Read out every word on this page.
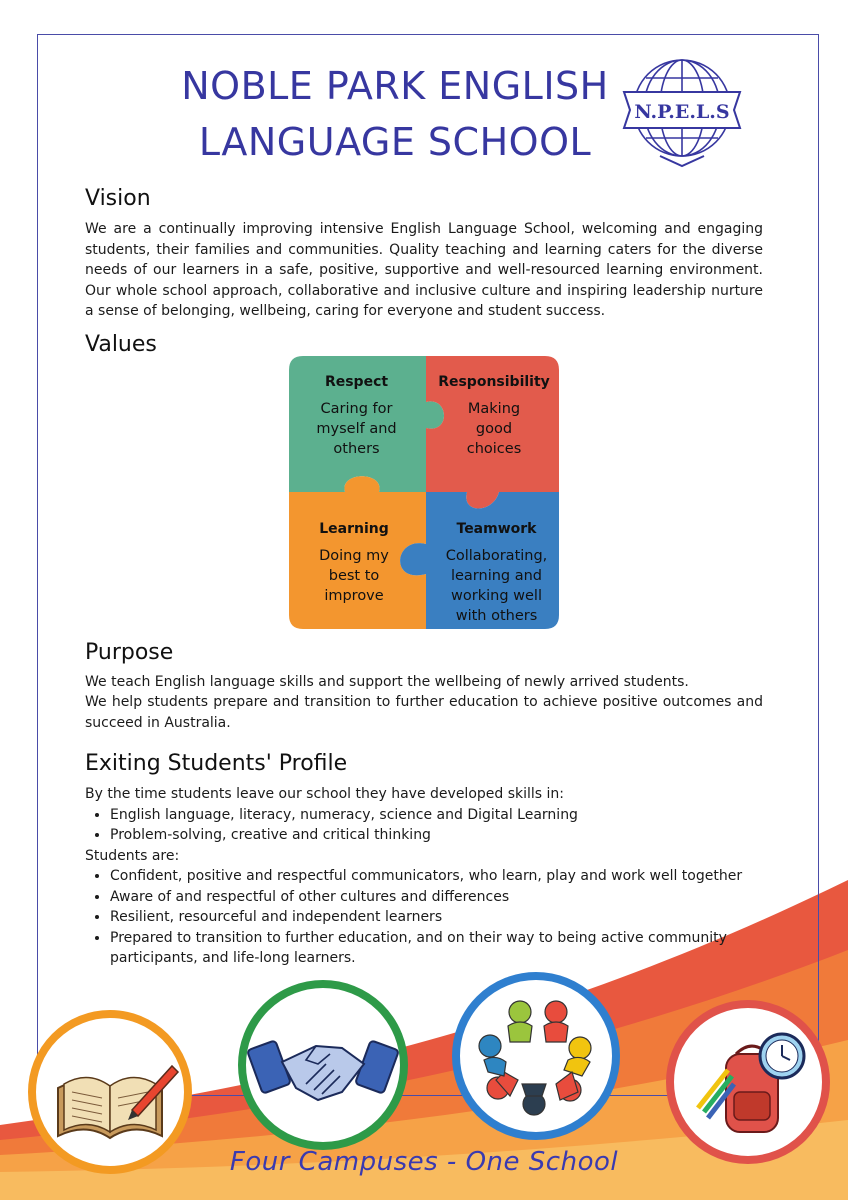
NOBLE PARK ENGLISH
LANGUAGE SCHOOL
N.P.E.L.S
Vision

We are a continually improving intensive English Language School, welcoming and engaging students, their families and communities. Quality teaching and learning caters for the diverse needs of our learners in a safe, positive, supportive and well-resourced learning environment. Our whole school approach, collaborative and inclusive culture and inspiring leadership nurture a sense of belonging, wellbeing, caring for everyone and student success.

Values
Respect
Caring for
myself and
others
Responsibility
Making
good
choices
Learning
Doing my
best to
improve
Teamwork
Collaborating,
learning and
working well
with others
Purpose

We teach English language skills and support the wellbeing of newly arrived students.

We help students prepare and transition to further education to achieve positive outcomes and succeed in Australia.

Exiting Students' Profile

By the time students leave our school they have developed skills in:

• English language, literacy, numeracy, science and Digital Learning
• Problem-solving, creative and critical thinking

Students are:

• Confident, positive and respectful communicators, who learn, play and work well together
• Aware of and respectful of other cultures and differences
• Resilient, resourceful and independent learners
• Prepared to transition to further education, and on their way to being active community participants, and life-long learners.
Four Campuses - One School
